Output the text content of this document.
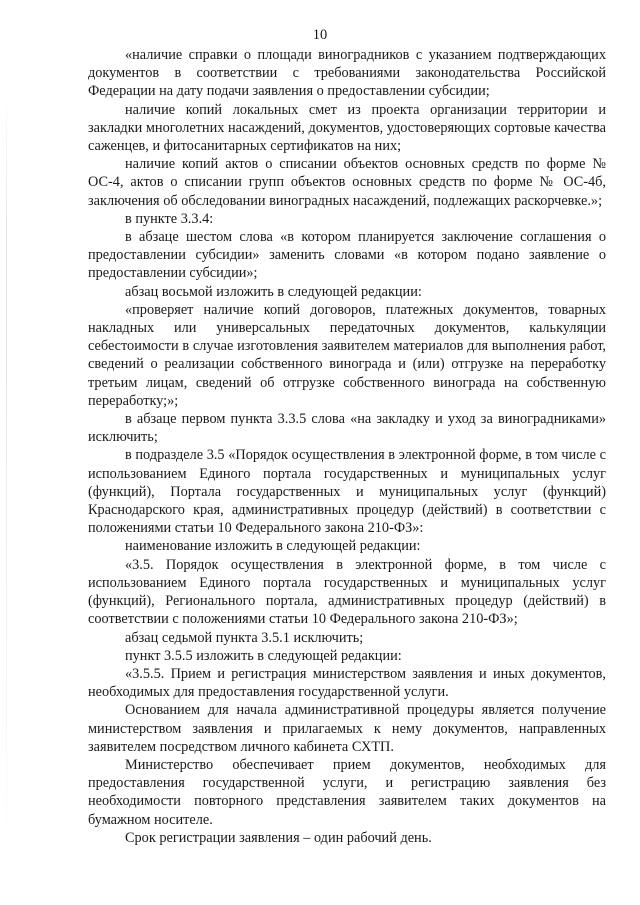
10

«наличие справки о площади виноградников с указанием подтверждающих документов в соответствии с требованиями законодательства Российской Федерации на дату подачи заявления о предоставлении субсидии;

наличие копий локальных смет из проекта организации территории и закладки многолетних насаждений, документов, удостоверяющих сортовые качества саженцев, и фитосанитарных сертификатов на них;

наличие копий актов о списании объектов основных средств по форме № ОС-4, актов о списании групп объектов основных средств по форме № ОС-4б, заключения об обследовании виноградных насаждений, подлежащих раскорчевке.»;

в пункте 3.3.4:

в абзаце шестом слова «в котором планируется заключение соглашения о предоставлении субсидии» заменить словами «в котором подано заявление о предоставлении субсидии»;

абзац восьмой изложить в следующей редакции:

«проверяет наличие копий договоров, платежных документов, товарных накладных или универсальных передаточных документов, калькуляции себестоимости в случае изготовления заявителем материалов для выполнения работ, сведений о реализации собственного винограда и (или) отгрузке на переработку третьим лицам, сведений об отгрузке собственного винограда на собственную переработку;»;

в абзаце первом пункта 3.3.5 слова «на закладку и уход за виноградниками» исключить;

в подразделе 3.5 «Порядок осуществления в электронной форме, в том числе с использованием Единого портала государственных и муниципальных услуг (функций), Портала государственных и муниципальных услуг (функций) Краснодарского края, административных процедур (действий) в соответствии с положениями статьи 10 Федерального закона 210-ФЗ»:

наименование изложить в следующей редакции:

«3.5. Порядок осуществления в электронной форме, в том числе с использованием Единого портала государственных и муниципальных услуг (функций), Регионального портала, административных процедур (действий) в соответствии с положениями статьи 10 Федерального закона 210-ФЗ»;

абзац седьмой пункта 3.5.1 исключить;

пункт 3.5.5 изложить в следующей редакции:

«3.5.5. Прием и регистрация министерством заявления и иных документов, необходимых для предоставления государственной услуги.

Основанием для начала административной процедуры является получение министерством заявления и прилагаемых к нему документов, направленных заявителем посредством личного кабинета СХТП.

Министерство обеспечивает прием документов, необходимых для предоставления государственной услуги, и регистрацию заявления без необходимости повторного представления заявителем таких документов на бумажном носителе.

Срок регистрации заявления – один рабочий день.
